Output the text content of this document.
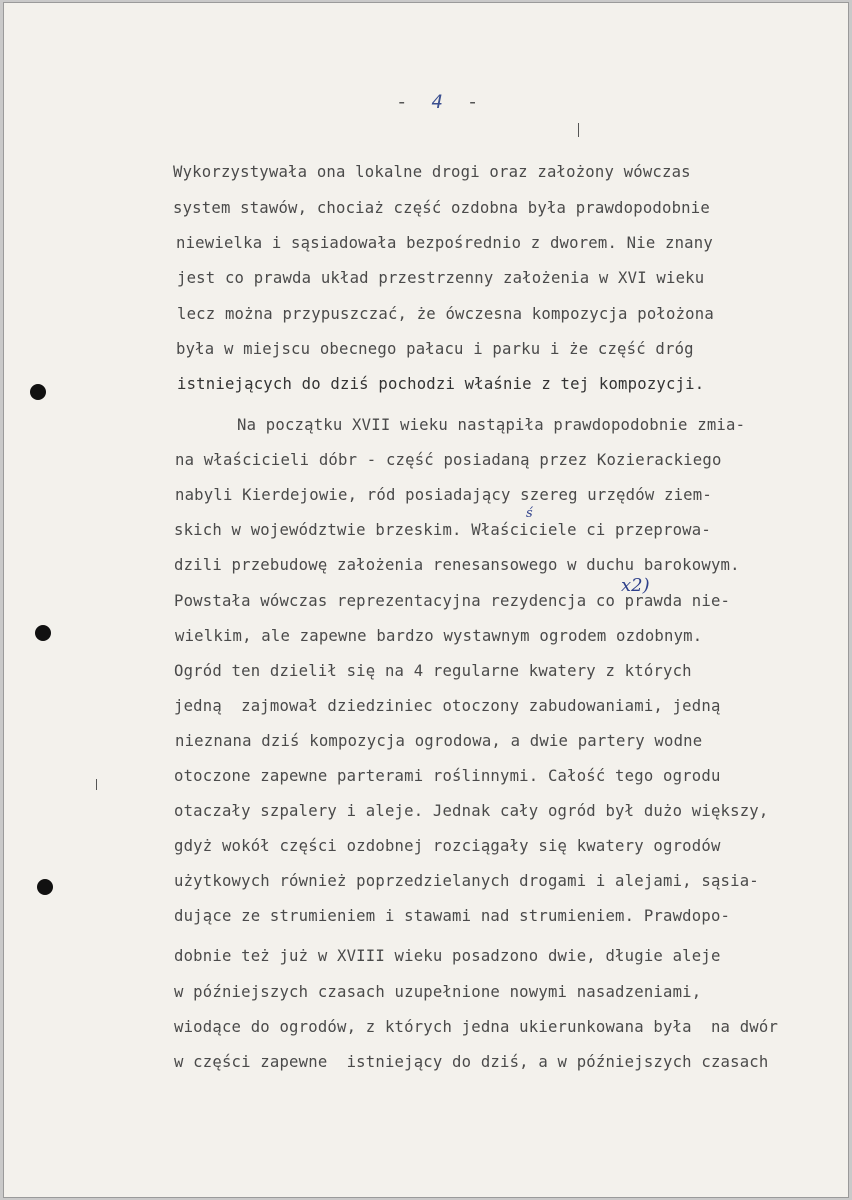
- 4 -
Wykorzystywała ona lokalne drogi oraz założony wówczas
system stawów, chociaż część ozdobna była prawdopodobnie
niewielka i sąsiadowała bezpośrednio z dworem. Nie znany
jest co prawda układ przestrzenny założenia w XVI wieku
lecz można przypuszczać, że ówczesna kompozycja położona
była w miejscu obecnego pałacu i parku i że część dróg
istniejących do dziś pochodzi właśnie z tej kompozycji.
Na początku XVII wieku nastąpiła prawdopodobnie zmia-
na właścicieli dóbr - część posiadaną przez Kozierackiego
nabyli Kierdejowie, ród posiadający szereg urzędów ziem-
skich w województwie brzeskim. Właściciele ci przeprowa-
dzili przebudowę założenia renesansowego w duchu barokowym.
Powstała wówczas reprezentacyjna rezydencja co prawda nie-
wielkim, ale zapewne bardzo wystawnym ogrodem ozdobnym.
Ogród ten dzielił się na 4 regularne kwatery z których
jedną  zajmował dziedziniec otoczony zabudowaniami, jedną
nieznana dziś kompozycja ogrodowa, a dwie partery wodne
otoczone zapewne parterami roślinnymi. Całość tego ogrodu
otaczały szpalery i aleje. Jednak cały ogród był dużo większy,
gdyż wokół części ozdobnej rozciągały się kwatery ogrodów
użytkowych również poprzedzielanych drogami i alejami, sąsia-
dujące ze strumieniem i stawami nad strumieniem. Prawdopo-
dobnie też już w XVIII wieku posadzono dwie, długie aleje
w późniejszych czasach uzupełnione nowymi nasadzeniami,
wiodące do ogrodów, z których jedna ukierunkowana była  na dwór
w części zapewne  istniejący do dziś, a w późniejszych czasach
x2)
ś
